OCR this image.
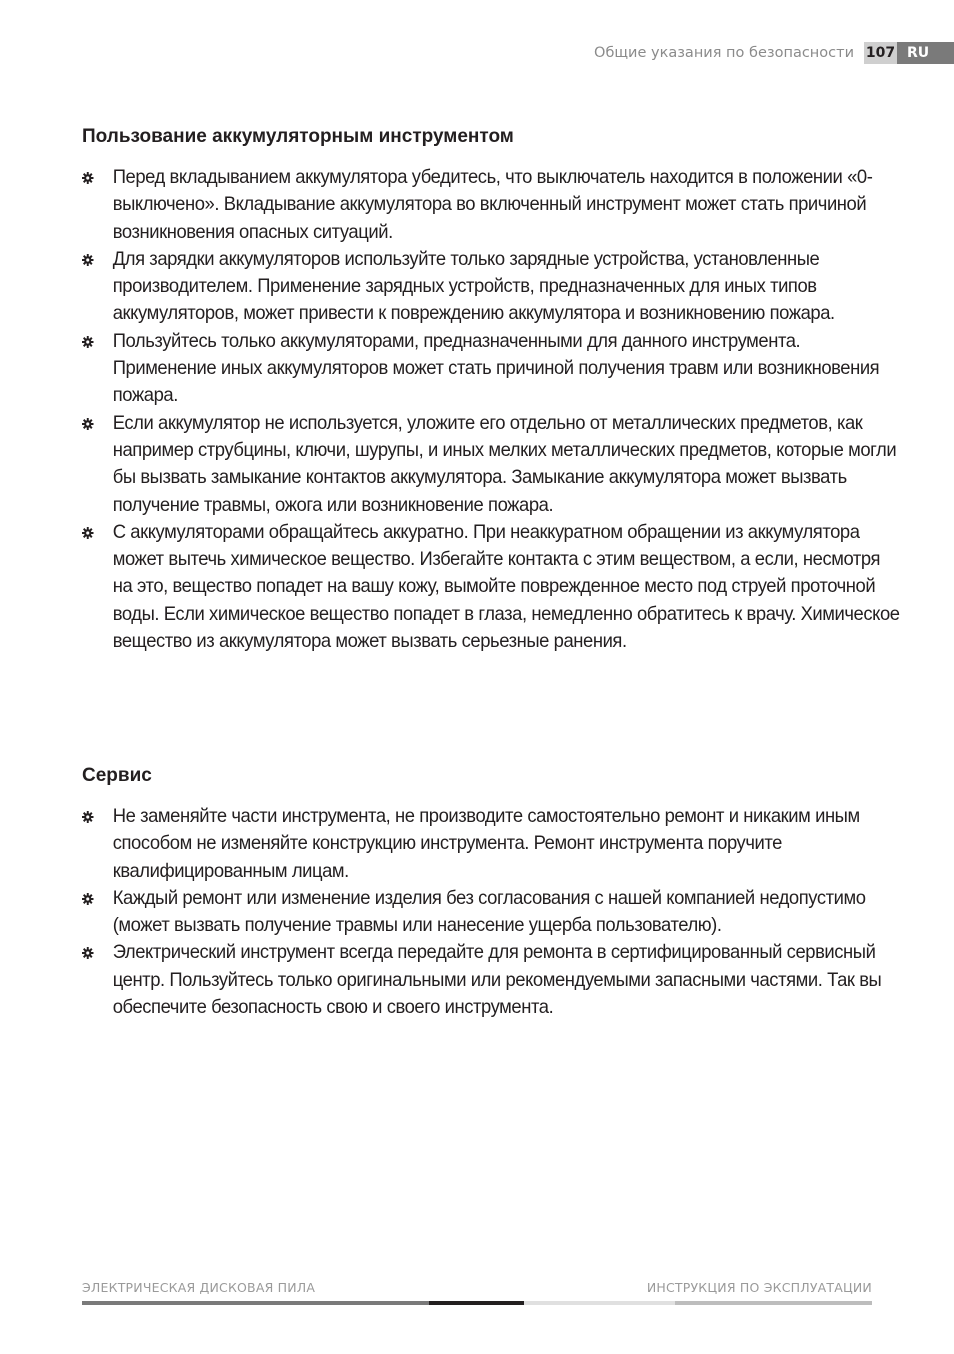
Общие указания по безопасности 107 RU
Пользование аккумуляторным инструментом
Перед вкладыванием аккумулятора убедитесь, что выключатель находится в положении «0-выключено». Вкладывание аккумулятора во включенный инструмент может стать причиной возникновения опасных ситуаций.
Для зарядки аккумуляторов используйте только зарядные устройства, установленные производителем. Применение зарядных устройств, предназначенных для иных типов аккумуляторов, может привести к повреждению аккумулятора и возникновению пожара.
Пользуйтесь только аккумуляторами, предназначенными для данного инструмента. Применение иных аккумуляторов может стать причиной получения травм или возникновения пожара.
Если аккумулятор не используется, уложите его отдельно от металлических предметов, как например струбцины, ключи, шурупы, и иных мелких металлических предметов, которые могли бы вызвать замыкание контактов аккумулятора. Замыкание аккумулятора может вызвать получение травмы, ожога или возникновение пожара.
С аккумуляторами обращайтесь аккуратно. При неаккуратном обращении из аккумулятора может вытечь химическое вещество. Избегайте контакта с этим веществом, а если, несмотря на это, вещество попадет на вашу кожу, вымойте поврежденное место под струей проточной воды. Если химическое вещество попадет в глаза, немедленно обратитесь к врачу. Химическое вещество из аккумулятора может вызвать серьезные ранения.
Сервис
Не заменяйте части инструмента, не производите самостоятельно ремонт и никаким иным способом не изменяйте конструкцию инструмента. Ремонт инструмента поручите квалифицированным лицам.
Каждый ремонт или изменение изделия без согласования с нашей компанией недопустимо (может вызвать получение травмы или нанесение ущерба пользователю).
Электрический инструмент всегда передайте для ремонта в сертифицированный сервисный центр. Пользуйтесь только оригинальными или рекомендуемыми запасными частями. Так вы обеспечите безопасность свою и своего инструмента.
ЭЛЕКТРИЧЕСКАЯ ДИСКОВАЯ ПИЛА	ИНСТРУКЦИЯ ПО ЭКСПЛУАТАЦИИ
